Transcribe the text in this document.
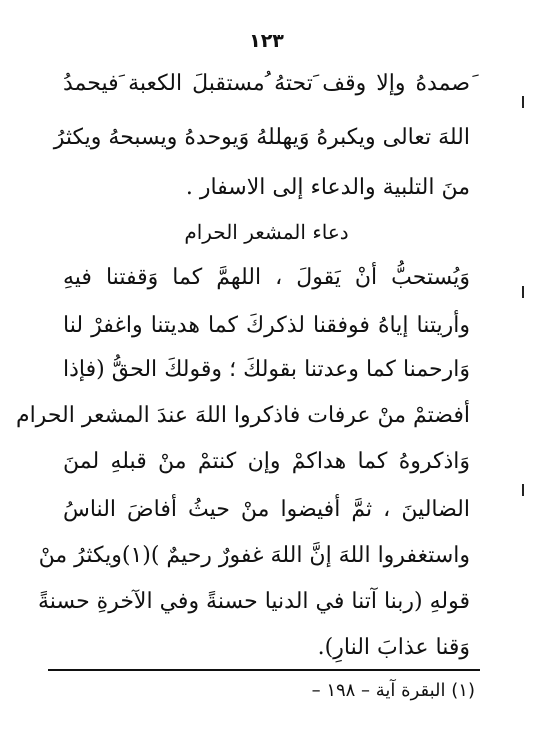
١٢٣
َصمدهُ وإلا وقف َتحتهُ ُمستقبلَ الكعبة َفيحمدُ
اللهَ تعالى ويكبرهُ وَيهللهُ وَيوحدهُ ويسبحهُ ويكثرُ
منَ التلبية والدعاء إلى الاسفار .
دعاء المشعر الحرام
وَيُستحبُّ أنْ يَقولَ ، اللهمَّ كما وَقفتنا فيهِ
وأريتنا إياهُ فوفقنا لذكركَ كما هديتنا واغفرْ لنا
وَارحمنا كما وعدتنا بقولكَ ؛ وقولكَ الحقُّ (فإذا
أفضتمْ منْ عرفات فاذكروا اللهَ عندَ المشعر الحرام
وَاذكروهُ كما هداكمْ وإن كنتمْ منْ قبلهِ لمنَ
الضالينَ ، ثمَّ أفيضوا منْ حيثُ أفاضَ الناسُ
واستغفروا اللهَ إنَّ اللهَ غفورٌ رحيمٌ )(١)ويكثرُ منْ
قولهِ (ربنا آتنا في الدنيا حسنةً وفي الآخرةِ حسنةً
وَقنا عذابَ النارِ).
(١) البقرة آية – ١٩٨ –
